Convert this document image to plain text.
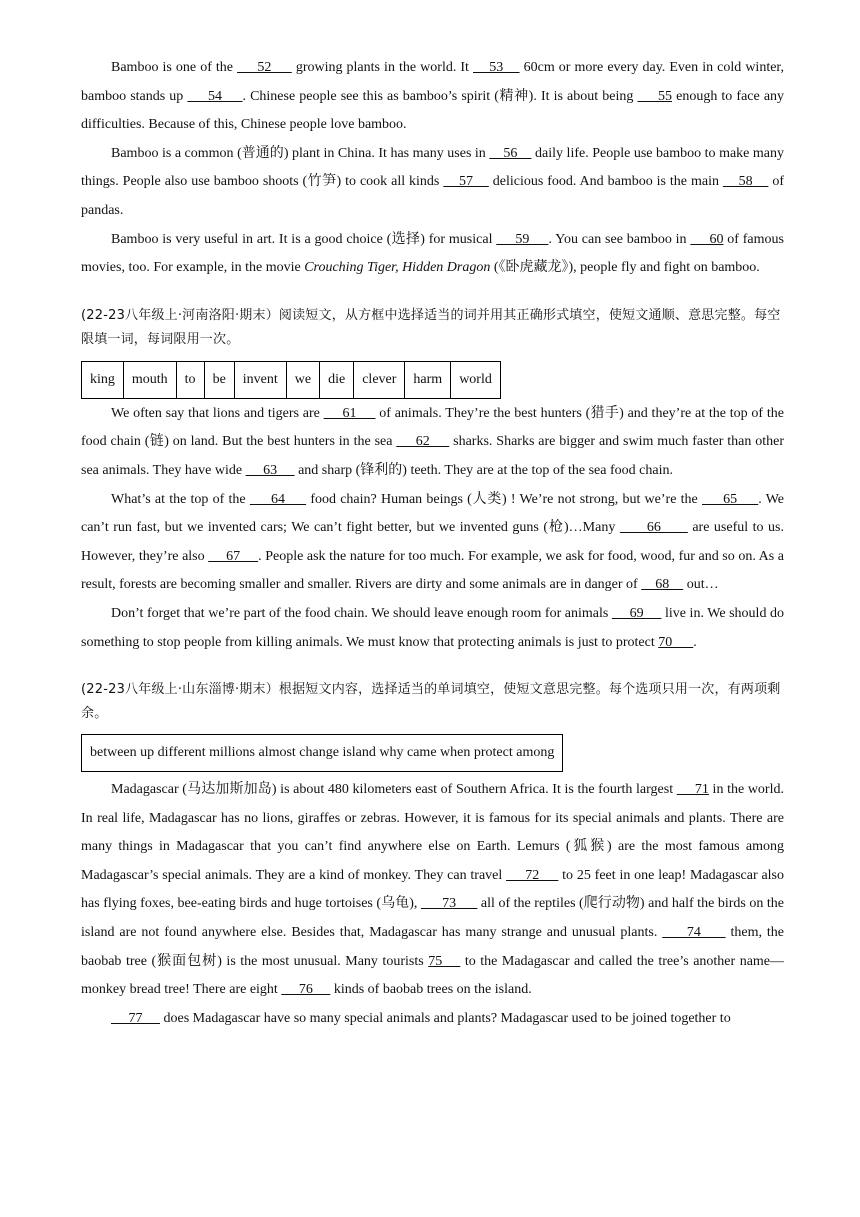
Bamboo is one of the      52      growing plants in the world. It     53     60cm or more every day. Even in cold winter, bamboo stands up      54     . Chinese people see this as bamboo’s spirit (精神). It is about being      55 enough to face any difficulties. Because of this, Chinese people love bamboo.

Bamboo is a common (普通的) plant in China. It has many uses in     56     daily life. People use bamboo to make many things. People also use bamboo shoots (竹笋) to cook all kinds     57     delicious food. And bamboo is the main     58     of pandas.

Bamboo is very useful in art. It is a good choice (选择) for musical      59     . You can see bamboo in      60 of famous movies, too. For example, in the movie Crouching Tiger, Hidden Dragon (《卧虎藏龙》), people fly and fight on bamboo.

(22-23八年级上·河南洛阳·期末）阅读短文，从方框中选择适当的词并用其正确形式填空，使短文通顺、意思完整。每空限填一词，每词限用一次。

king	mouth	to	be	invent	we	die	clever	harm	world

We often say that lions and tigers are      61      of animals. They’re the best hunters (猎手) and they’re at the top of the food chain (链) on land. But the best hunters in the sea      62      sharks. Sharks are bigger and swim much faster than other sea animals. They have wide      63      and sharp (锋利的) teeth. They are at the top of the sea food chain.

What’s at the top of the      64      food chain? Human beings (人类) ! We’re not strong, but we’re the      65     . We can’t run fast, but we invented cars; We can’t fight better, but we invented guns (枪)…Many       66       are useful to us. However, they’re also      67     . People ask the nature for too much. For example, we ask for food, wood, fur and so on. As a result, forests are becoming smaller and smaller. Rivers are dirty and some animals are in danger of     68     out…

Don’t forget that we’re part of the food chain. We should leave enough room for animals      69      live in. We should do something to stop people from killing animals. We must know that protecting animals is just to protect 70      .

(22-23八年级上·山东淄博·期末）根据短文内容，选择适当的单词填空，使短文意思完整。每个选项只用一次，有两项剩余。

between up different millions almost change island why came when protect among

Madagascar (马达加斯加岛) is about 480 kilometers east of Southern Africa. It is the fourth largest      71 in the world. In real life, Madagascar has no lions, giraffes or zebras. However, it is famous for its special animals and plants. There are many things in Madagascar that you can’t find anywhere else on Earth. Lemurs (狐猴) are the most famous among Madagascar’s special animals. They are a kind of monkey. They can travel      72      to 25 feet in one leap! Madagascar also has flying foxes, bee-eating birds and huge tortoises (乌龟),       73       all of the reptiles (爬行动物) and half the birds on the island are not found anywhere else. Besides that, Madagascar has many strange and unusual plants.      74      them, the baobab tree (猴面包树) is the most unusual. Many tourists 75     to the Madagascar and called the tree’s another name—monkey bread tree! There are eight      76      kinds of baobab trees on the island.

77      does Madagascar have so many special animals and plants? Madagascar used to be joined together to
